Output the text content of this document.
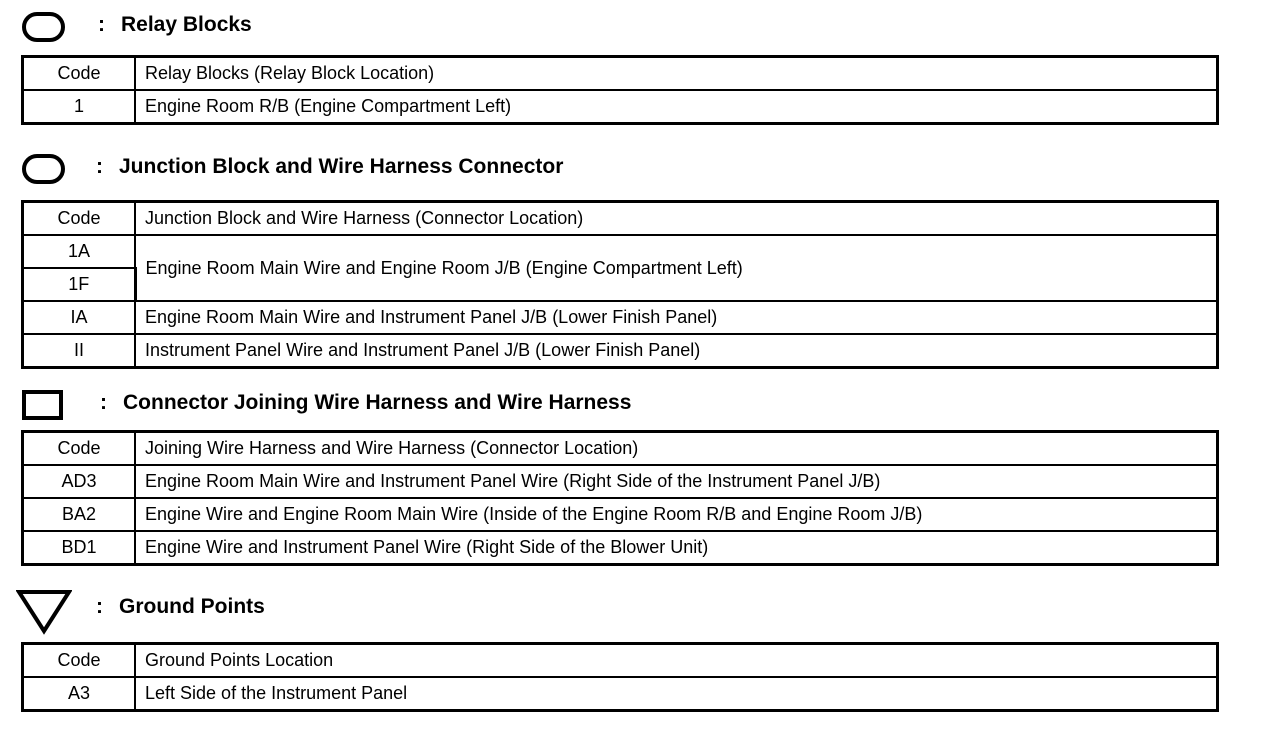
: Relay Blocks
Code	Relay Blocks (Relay Block Location)
1	Engine Room R/B (Engine Compartment Left)
: Junction Block and Wire Harness Connector
Code	Junction Block and Wire Harness (Connector Location)
1A	Engine Room Main Wire and Engine Room J/B (Engine Compartment Left)
1F	
IA	Engine Room Main Wire and Instrument Panel J/B (Lower Finish Panel)
II	Instrument Panel Wire and Instrument Panel J/B (Lower Finish Panel)
: Connector Joining Wire Harness and Wire Harness
Code	Joining Wire Harness and Wire Harness (Connector Location)
AD3	Engine Room Main Wire and Instrument Panel Wire (Right Side of the Instrument Panel J/B)
BA2	Engine Wire and Engine Room Main Wire (Inside of the Engine Room R/B and Engine Room J/B)
BD1	Engine Wire and Instrument Panel Wire (Right Side of the Blower Unit)
: Ground Points
Code	Ground Points Location
A3	Left Side of the Instrument Panel
